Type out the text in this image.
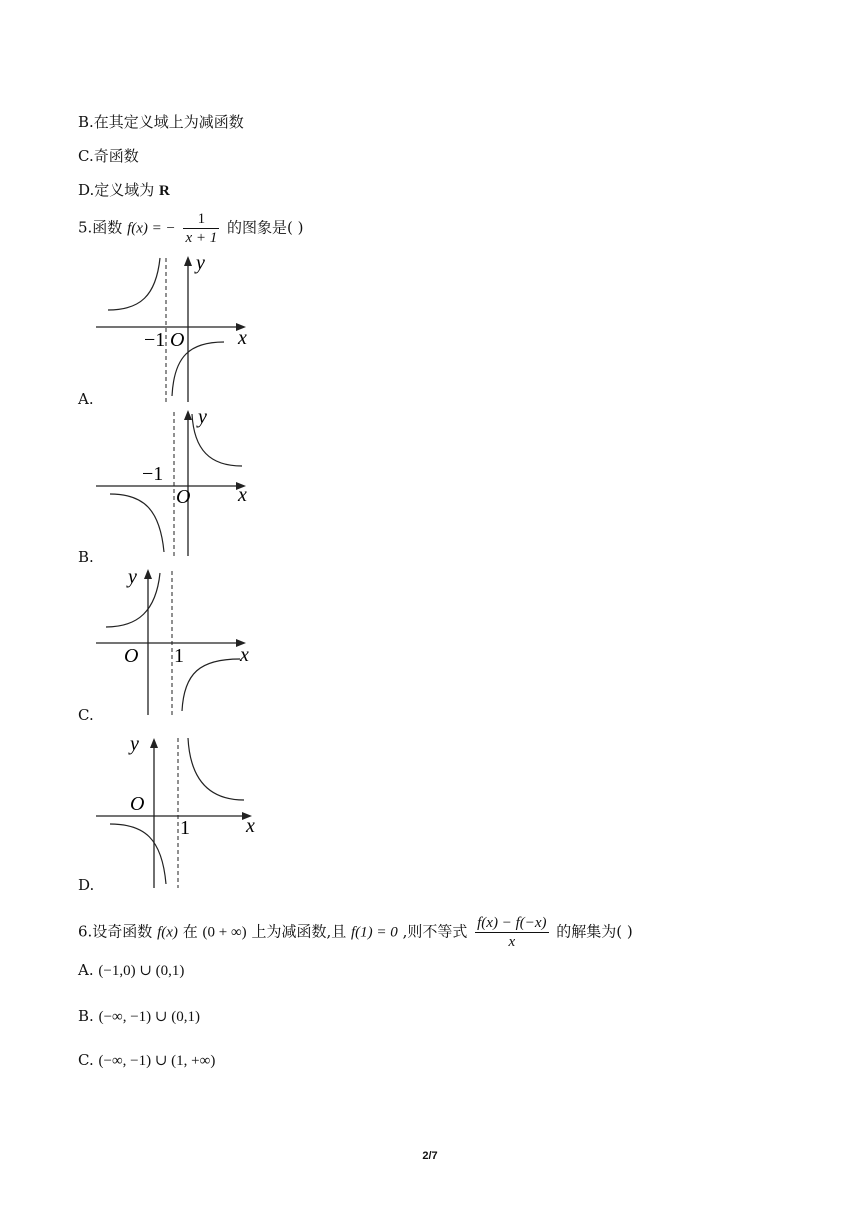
B.在其定义域上为减函数
C.奇函数
D.定义域为 R
5.函数 f(x) = − $\frac{1}{x + 1}$ 的图象是( )
y
x
O
−1
A.
y
x
O
−1
B.
y
x
O 1
C.
y
x
O
1
D.
6.设奇函数 f(x) 在 (0 + ∞) 上为减函数,且 f(1) = 0 ,则不等式 $\frac{f(x) - f(-x)}{x}$ 的解集为( )
A. (−1,0) ∪ (0,1)
B. (−∞, −1) ∪ (0,1)
C. (−∞, −1) ∪ (1, +∞)
2/7
